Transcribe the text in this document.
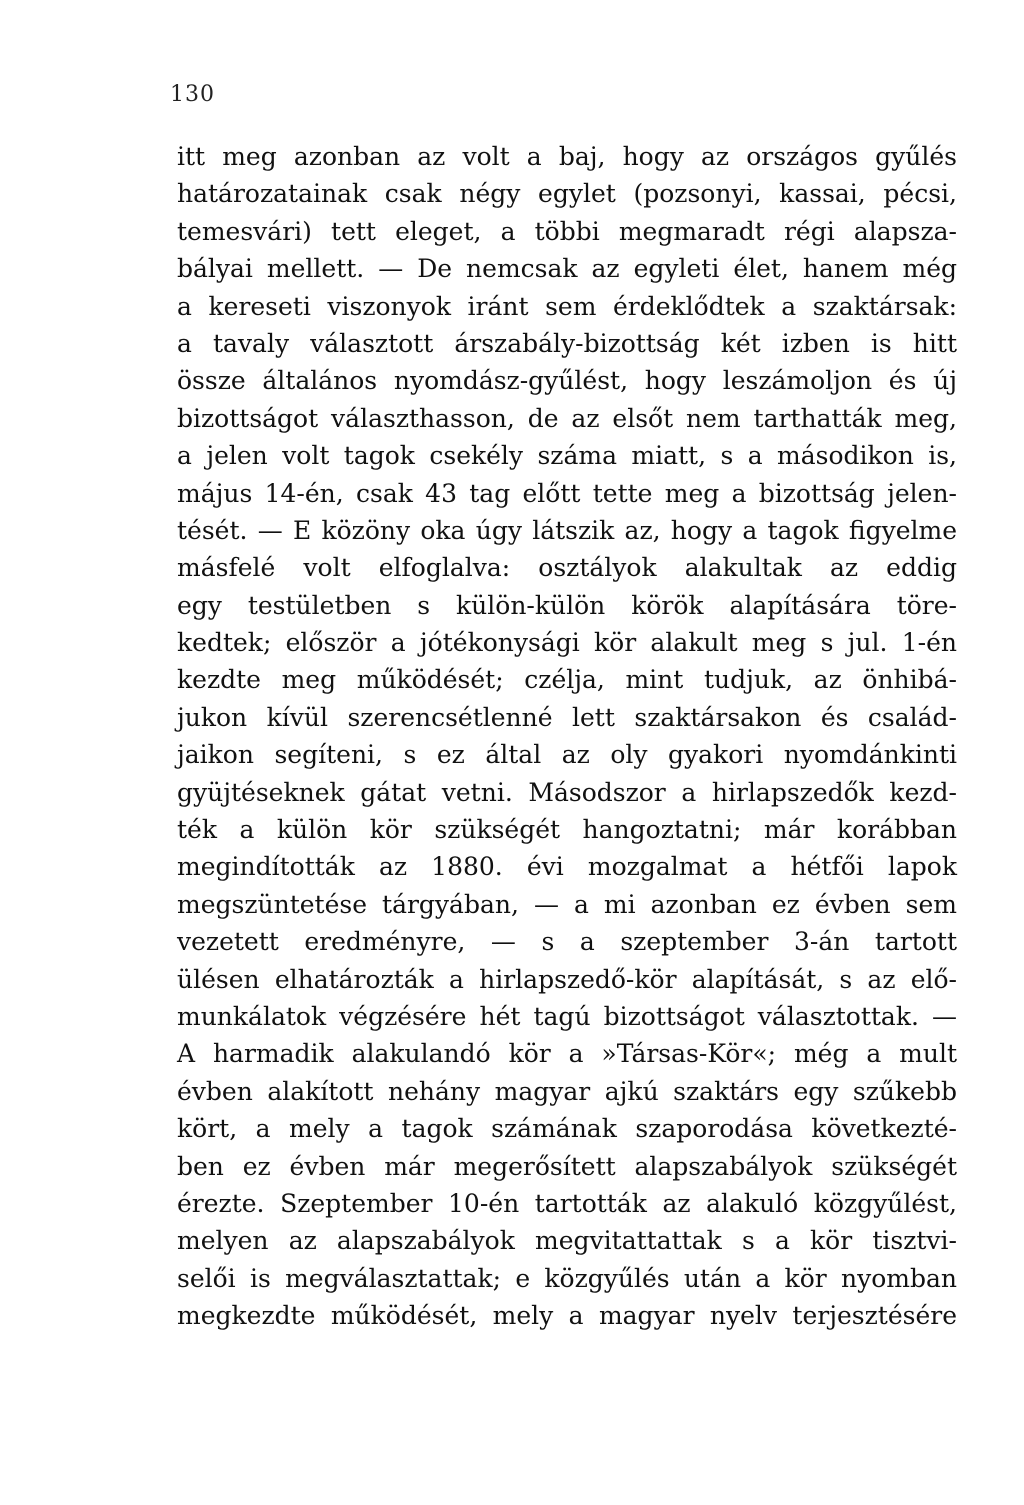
130
itt meg azonban az volt a baj, hogy az országos gyűlés
határozatainak csak négy egylet (pozsonyi, kassai, pécsi,
temesvári) tett eleget, a többi megmaradt régi alapsza-
bályai mellett. — De nemcsak az egyleti élet, hanem még
a kereseti viszonyok iránt sem érdeklődtek a szaktársak:
a tavaly választott árszabály-bizottság két izben is hitt
össze általános nyomdász-gyűlést, hogy leszámoljon és új
bizottságot választhasson, de az elsőt nem tarthatták meg,
a jelen volt tagok csekély száma miatt, s a másodikon is,
május 14-én, csak 43 tag előtt tette meg a bizottság jelen-
tését. — E közöny oka úgy látszik az, hogy a tagok figyelme
másfelé volt elfoglalva: osztályok alakultak az eddig
egy testületben s külön-külön körök alapítására töre-
kedtek; először a jótékonysági kör alakult meg s jul. 1-én
kezdte meg működését; czélja, mint tudjuk, az önhibá-
jukon kívül szerencsétlenné lett szaktársakon és család-
jaikon segíteni, s ez által az oly gyakori nyomdánkinti
gyüjtéseknek gátat vetni. Másodszor a hirlapszedők kezd-
ték a külön kör szükségét hangoztatni; már korábban
megindították az 1880. évi mozgalmat a hétfői lapok
megszüntetése tárgyában, — a mi azonban ez évben sem
vezetett eredményre, — s a szeptember 3-án tartott
ülésen elhatározták a hirlapszedő-kör alapítását, s az elő-
munkálatok végzésére hét tagú bizottságot választottak. —
A harmadik alakulandó kör a »Társas-Kör«; még a mult
évben alakított nehány magyar ajkú szaktárs egy szűkebb
kört, a mely a tagok számának szaporodása következté-
ben ez évben már megerősített alapszabályok szükségét
érezte. Szeptember 10-én tartották az alakuló közgyűlést,
melyen az alapszabályok megvitattattak s a kör tisztvi-
selői is megválasztattak; e közgyűlés után a kör nyomban
megkezdte működését, mely a magyar nyelv terjesztésére
